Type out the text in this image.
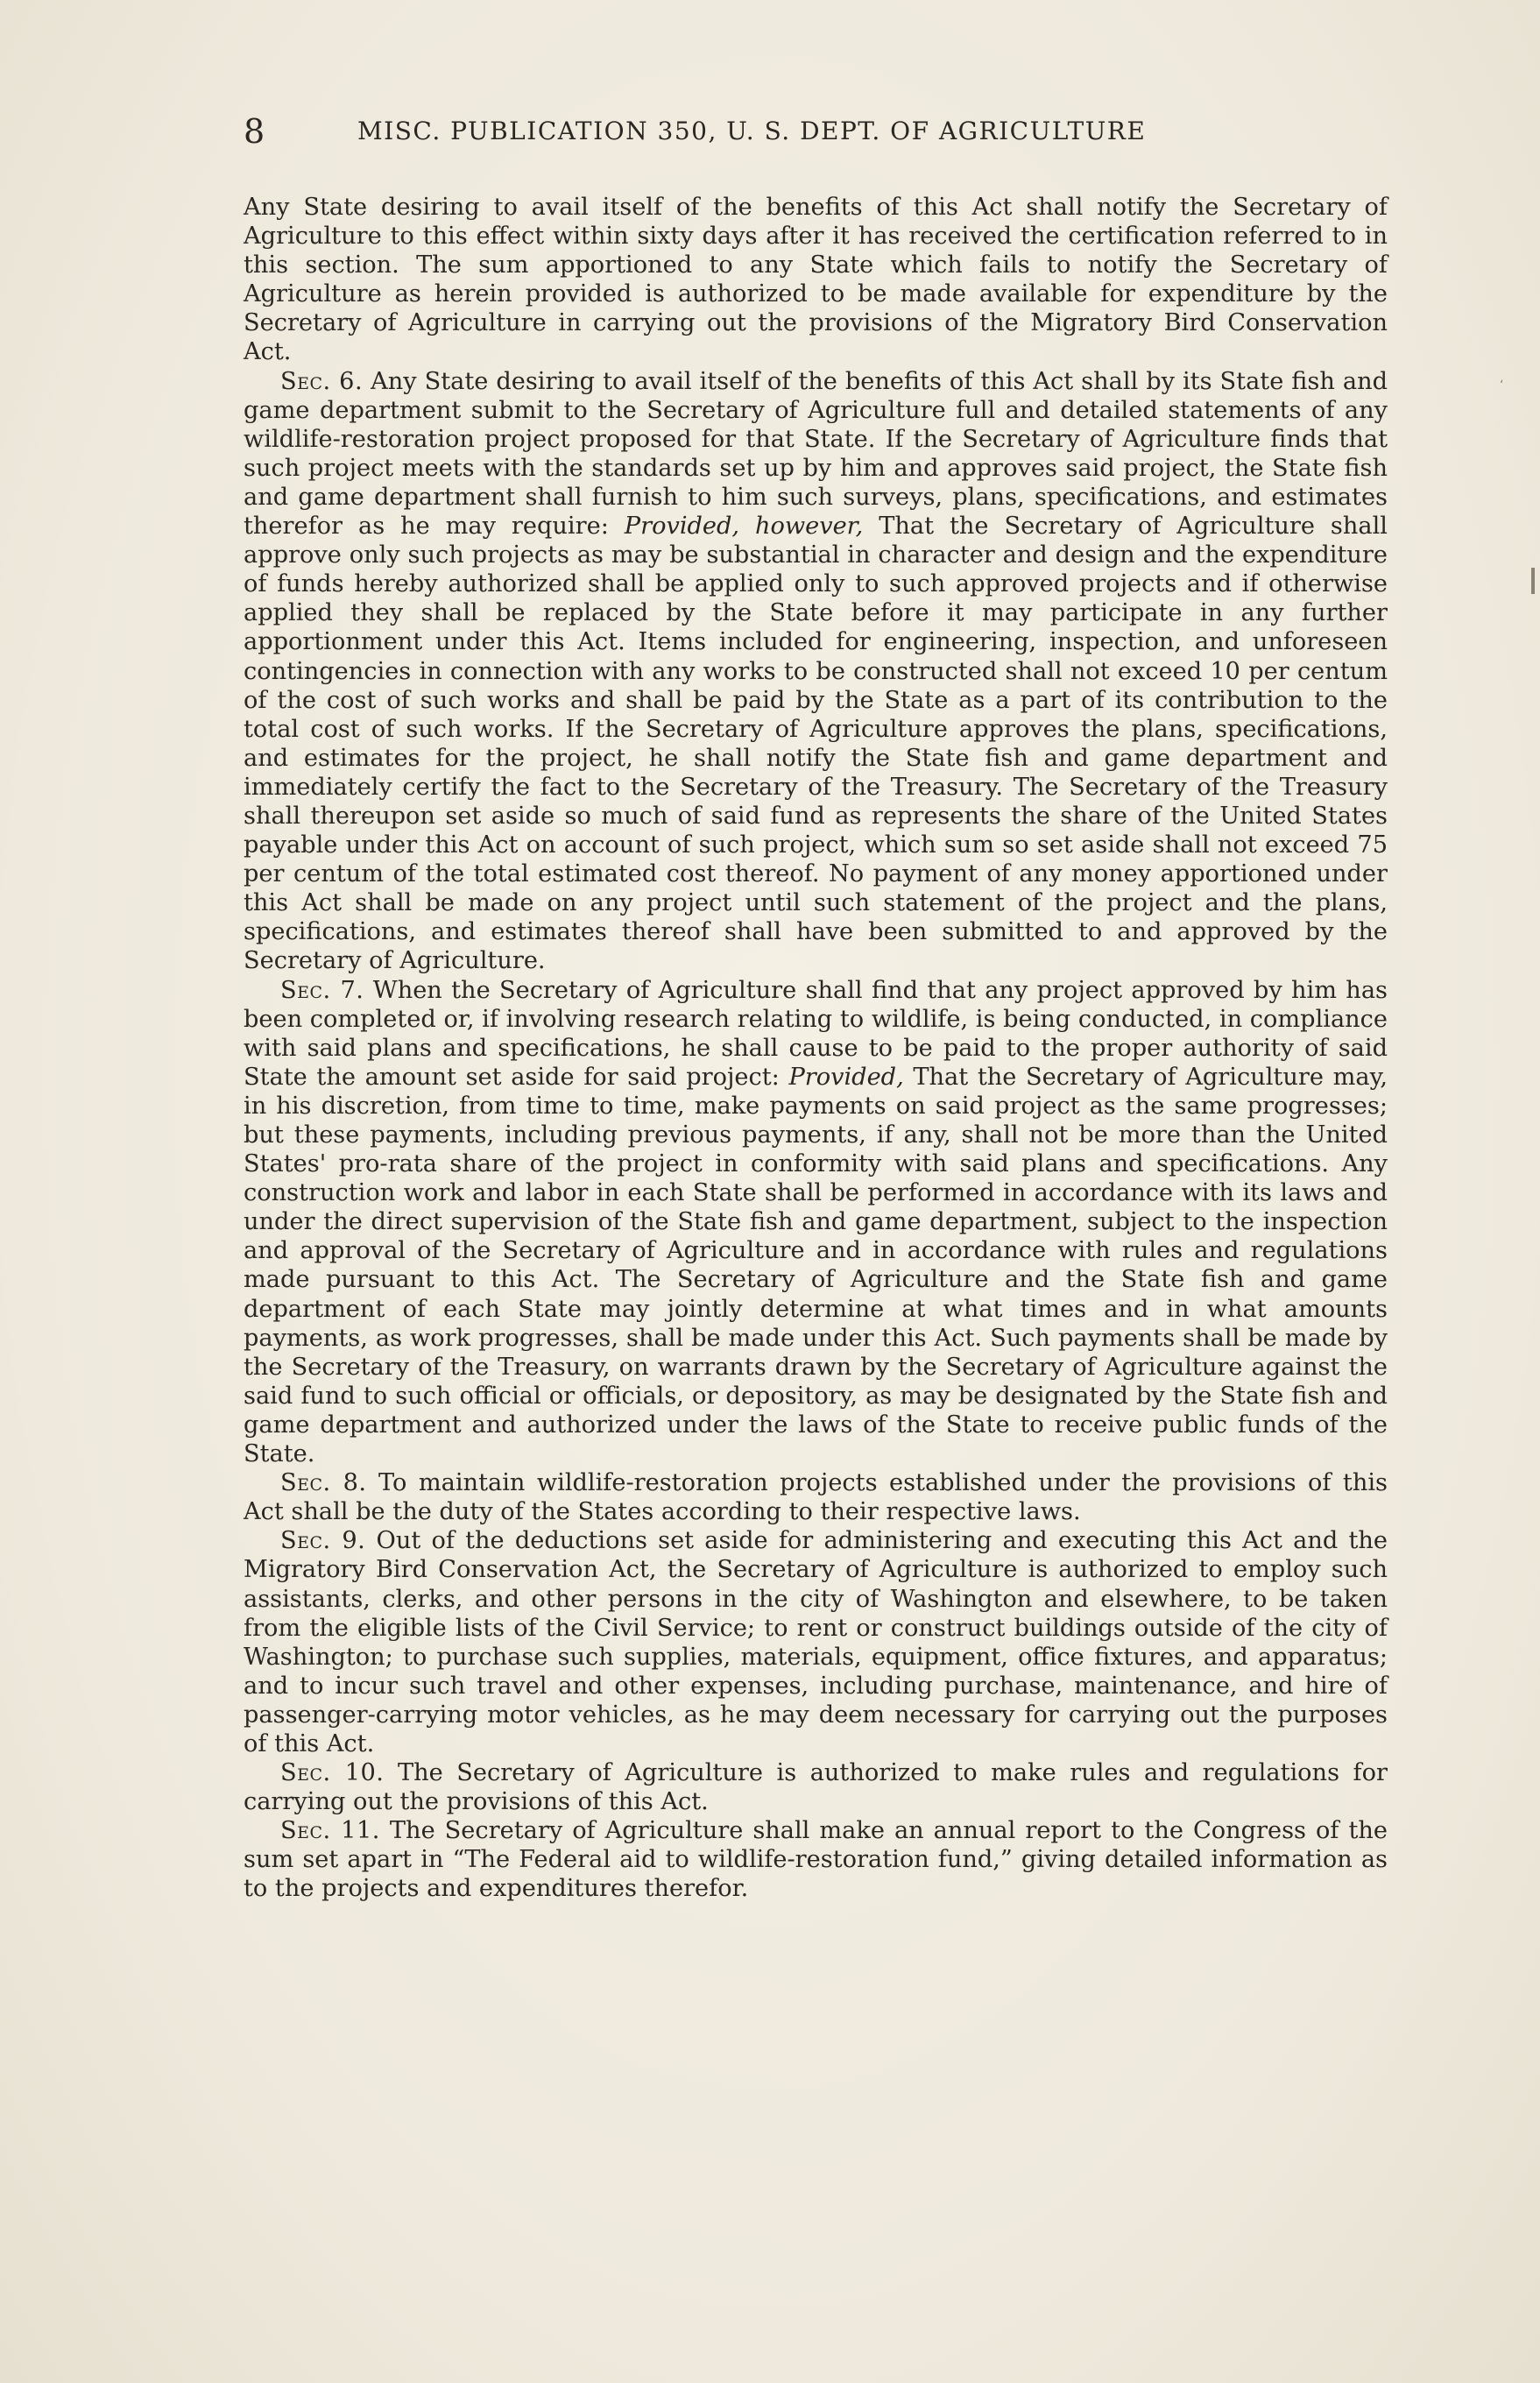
8	MISC. PUBLICATION 350, U. S. DEPT. OF AGRICULTURE

Any State desiring to avail itself of the benefits of this Act shall notify the Secretary of Agriculture to this effect within sixty days after it has received the certification referred to in this section. The sum apportioned to any State which fails to notify the Secretary of Agriculture as herein provided is authorized to be made available for expenditure by the Secretary of Agriculture in carrying out the provisions of the Migratory Bird Conservation Act.

Sec. 6. Any State desiring to avail itself of the benefits of this Act shall by its State fish and game department submit to the Secretary of Agriculture full and detailed statements of any wildlife-restoration project proposed for that State. If the Secretary of Agriculture finds that such project meets with the standards set up by him and approves said project, the State fish and game department shall furnish to him such surveys, plans, specifications, and estimates therefor as he may require: Provided, however, That the Secretary of Agriculture shall approve only such projects as may be substantial in character and design and the expenditure of funds hereby authorized shall be applied only to such approved projects and if otherwise applied they shall be replaced by the State before it may participate in any further apportionment under this Act. Items included for engineering, inspection, and unforeseen contingencies in connection with any works to be constructed shall not exceed 10 per centum of the cost of such works and shall be paid by the State as a part of its contribution to the total cost of such works. If the Secretary of Agriculture approves the plans, specifications, and estimates for the project, he shall notify the State fish and game department and immediately certify the fact to the Secretary of the Treasury. The Secretary of the Treasury shall thereupon set aside so much of said fund as represents the share of the United States payable under this Act on account of such project, which sum so set aside shall not exceed 75 per centum of the total estimated cost thereof. No payment of any money apportioned under this Act shall be made on any project until such statement of the project and the plans, specifications, and estimates thereof shall have been submitted to and approved by the Secretary of Agriculture.

Sec. 7. When the Secretary of Agriculture shall find that any project approved by him has been completed or, if involving research relating to wildlife, is being conducted, in compliance with said plans and specifications, he shall cause to be paid to the proper authority of said State the amount set aside for said project: Provided, That the Secretary of Agriculture may, in his discretion, from time to time, make payments on said project as the same progresses; but these payments, including previous payments, if any, shall not be more than the United States' pro-rata share of the project in conformity with said plans and specifications. Any construction work and labor in each State shall be performed in accordance with its laws and under the direct supervision of the State fish and game department, subject to the inspection and approval of the Secretary of Agriculture and in accordance with rules and regulations made pursuant to this Act. The Secretary of Agriculture and the State fish and game department of each State may jointly determine at what times and in what amounts payments, as work progresses, shall be made under this Act. Such payments shall be made by the Secretary of the Treasury, on warrants drawn by the Secretary of Agriculture against the said fund to such official or officials, or depository, as may be designated by the State fish and game department and authorized under the laws of the State to receive public funds of the State.

Sec. 8. To maintain wildlife-restoration projects established under the provisions of this Act shall be the duty of the States according to their respective laws.

Sec. 9. Out of the deductions set aside for administering and executing this Act and the Migratory Bird Conservation Act, the Secretary of Agriculture is authorized to employ such assistants, clerks, and other persons in the city of Washington and elsewhere, to be taken from the eligible lists of the Civil Service; to rent or construct buildings outside of the city of Washington; to purchase such supplies, materials, equipment, office fixtures, and apparatus; and to incur such travel and other expenses, including purchase, maintenance, and hire of passenger-carrying motor vehicles, as he may deem necessary for carrying out the purposes of this Act.

Sec. 10. The Secretary of Agriculture is authorized to make rules and regulations for carrying out the provisions of this Act.

Sec. 11. The Secretary of Agriculture shall make an annual report to the Congress of the sum set apart in “The Federal aid to wildlife-restoration fund,” giving detailed information as to the projects and expenditures therefor.

‘
